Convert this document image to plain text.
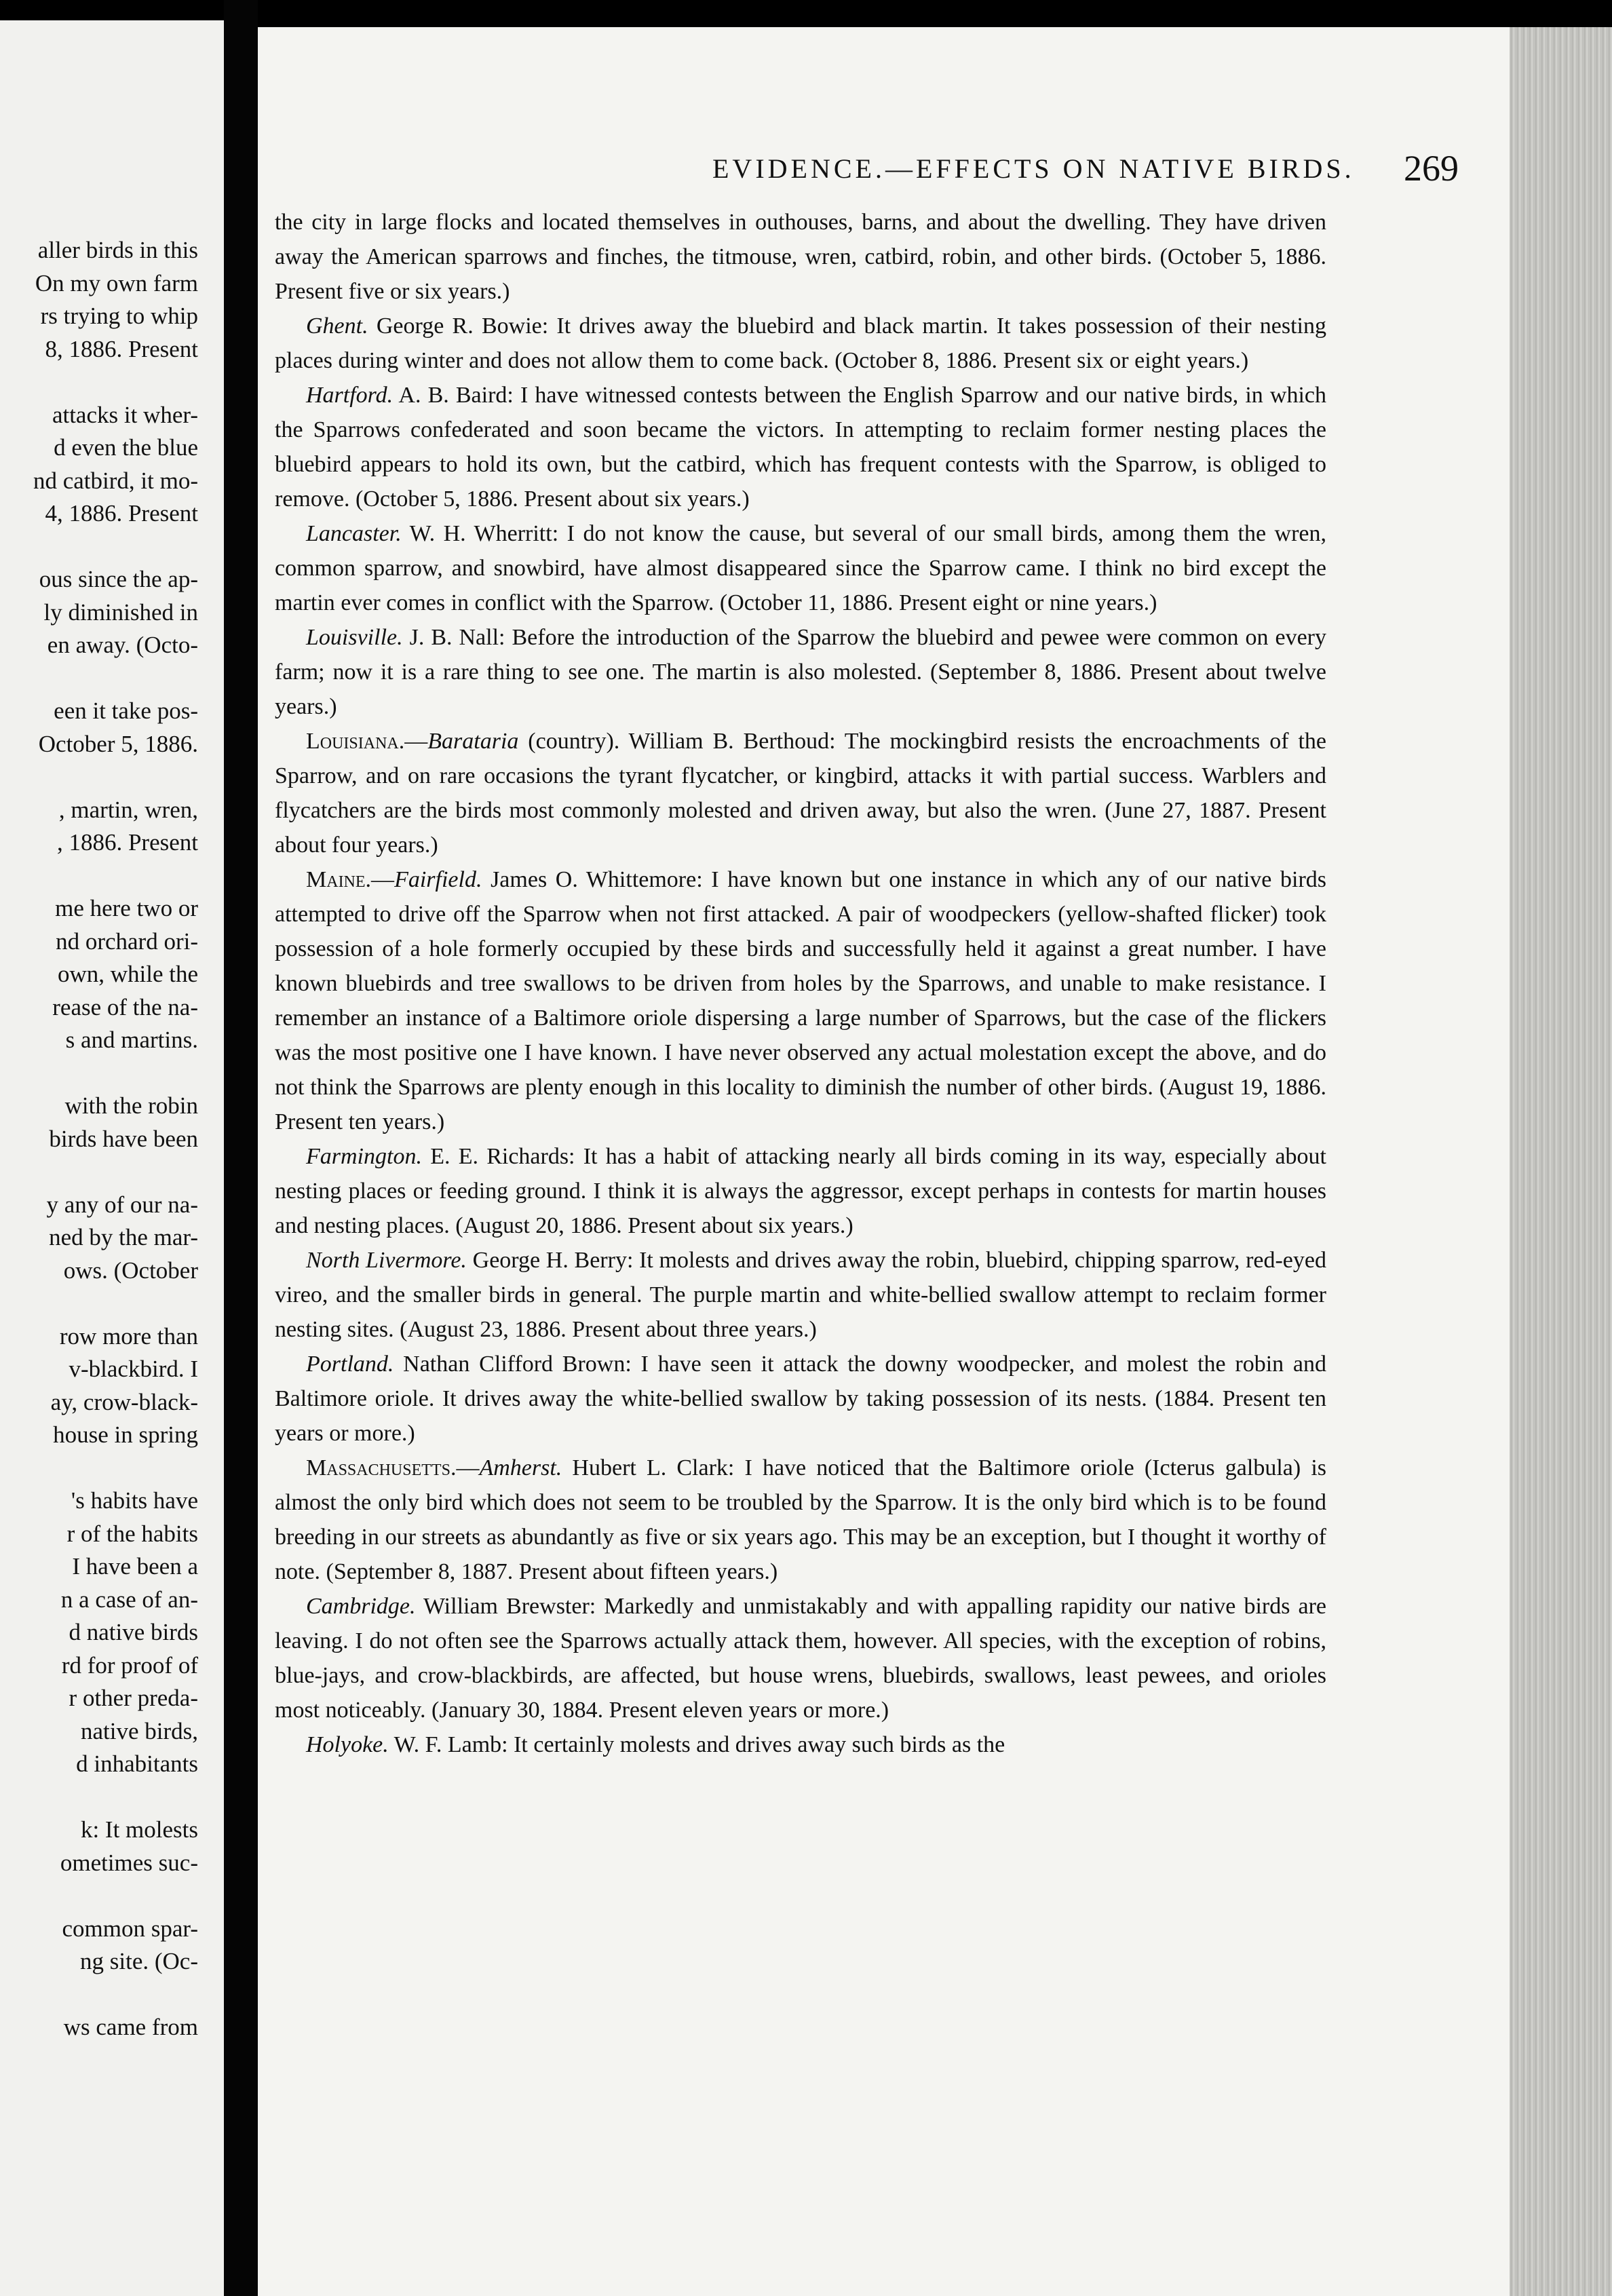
aller birds in this
On my own farm
rs trying to whip
8, 1886. Present
attacks it wher-
d even the blue
nd catbird, it mo-
4, 1886. Present
ous since the ap-
ly diminished in
en away. (Octo-
een it take pos-
October 5, 1886.
, martin, wren,
, 1886. Present
me here two or
nd orchard ori-
own, while the
rease of the na-
s and martins.
with the robin
birds have been
y any of our na-
ned by the mar-
ows. (October
row more than
v-blackbird. I
ay, crow-black-
house in spring
's habits have
r of the habits
I have been a
n a case of an-
d native birds
rd for proof of
r other preda-
native birds,
d inhabitants
k: It molests
ometimes suc-
common spar-
ng site. (Oc-
ws came from
EVIDENCE.—EFFECTS ON NATIVE BIRDS. 269

the city in large flocks and located themselves in outhouses, barns, and about the dwelling. They have driven away the American sparrows and finches, the titmouse, wren, catbird, robin, and other birds. (October 5, 1886. Present five or six years.)

Ghent. George R. Bowie: It drives away the bluebird and black martin. It takes possession of their nesting places during winter and does not allow them to come back. (October 8, 1886. Present six or eight years.)

Hartford. A. B. Baird: I have witnessed contests between the English Sparrow and our native birds, in which the Sparrows confederated and soon became the victors. In attempting to reclaim former nesting places the bluebird appears to hold its own, but the catbird, which has frequent contests with the Sparrow, is obliged to remove. (October 5, 1886. Present about six years.)

Lancaster. W. H. Wherritt: I do not know the cause, but several of our small birds, among them the wren, common sparrow, and snowbird, have almost disappeared since the Sparrow came. I think no bird except the martin ever comes in conflict with the Sparrow. (October 11, 1886. Present eight or nine years.)

Louisville. J. B. Nall: Before the introduction of the Sparrow the bluebird and pewee were common on every farm; now it is a rare thing to see one. The martin is also molested. (September 8, 1886. Present about twelve years.)

Louisiana.—Barataria (country). William B. Berthoud: The mockingbird resists the encroachments of the Sparrow, and on rare occasions the tyrant flycatcher, or kingbird, attacks it with partial success. Warblers and flycatchers are the birds most commonly molested and driven away, but also the wren. (June 27, 1887. Present about four years.)

Maine.—Fairfield. James O. Whittemore: I have known but one instance in which any of our native birds attempted to drive off the Sparrow when not first attacked. A pair of woodpeckers (yellow-shafted flicker) took possession of a hole formerly occupied by these birds and successfully held it against a great number. I have known bluebirds and tree swallows to be driven from holes by the Sparrows, and unable to make resistance. I remember an instance of a Baltimore oriole dispersing a large number of Sparrows, but the case of the flickers was the most positive one I have known. I have never observed any actual molestation except the above, and do not think the Sparrows are plenty enough in this locality to diminish the number of other birds. (August 19, 1886. Present ten years.)

Farmington. E. E. Richards: It has a habit of attacking nearly all birds coming in its way, especially about nesting places or feeding ground. I think it is always the aggressor, except perhaps in contests for martin houses and nesting places. (August 20, 1886. Present about six years.)

North Livermore. George H. Berry: It molests and drives away the robin, bluebird, chipping sparrow, red-eyed vireo, and the smaller birds in general. The purple martin and white-bellied swallow attempt to reclaim former nesting sites. (August 23, 1886. Present about three years.)

Portland. Nathan Clifford Brown: I have seen it attack the downy woodpecker, and molest the robin and Baltimore oriole. It drives away the white-bellied swallow by taking possession of its nests. (1884. Present ten years or more.)

Massachusetts.—Amherst. Hubert L. Clark: I have noticed that the Baltimore oriole (Icterus galbula) is almost the only bird which does not seem to be troubled by the Sparrow. It is the only bird which is to be found breeding in our streets as abundantly as five or six years ago. This may be an exception, but I thought it worthy of note. (September 8, 1887. Present about fifteen years.)

Cambridge. William Brewster: Markedly and unmistakably and with appalling rapidity our native birds are leaving. I do not often see the Sparrows actually attack them, however. All species, with the exception of robins, blue-jays, and crow-blackbirds, are affected, but house wrens, bluebirds, swallows, least pewees, and orioles most noticeably. (January 30, 1884. Present eleven years or more.)

Holyoke. W. F. Lamb: It certainly molests and drives away such birds as the
